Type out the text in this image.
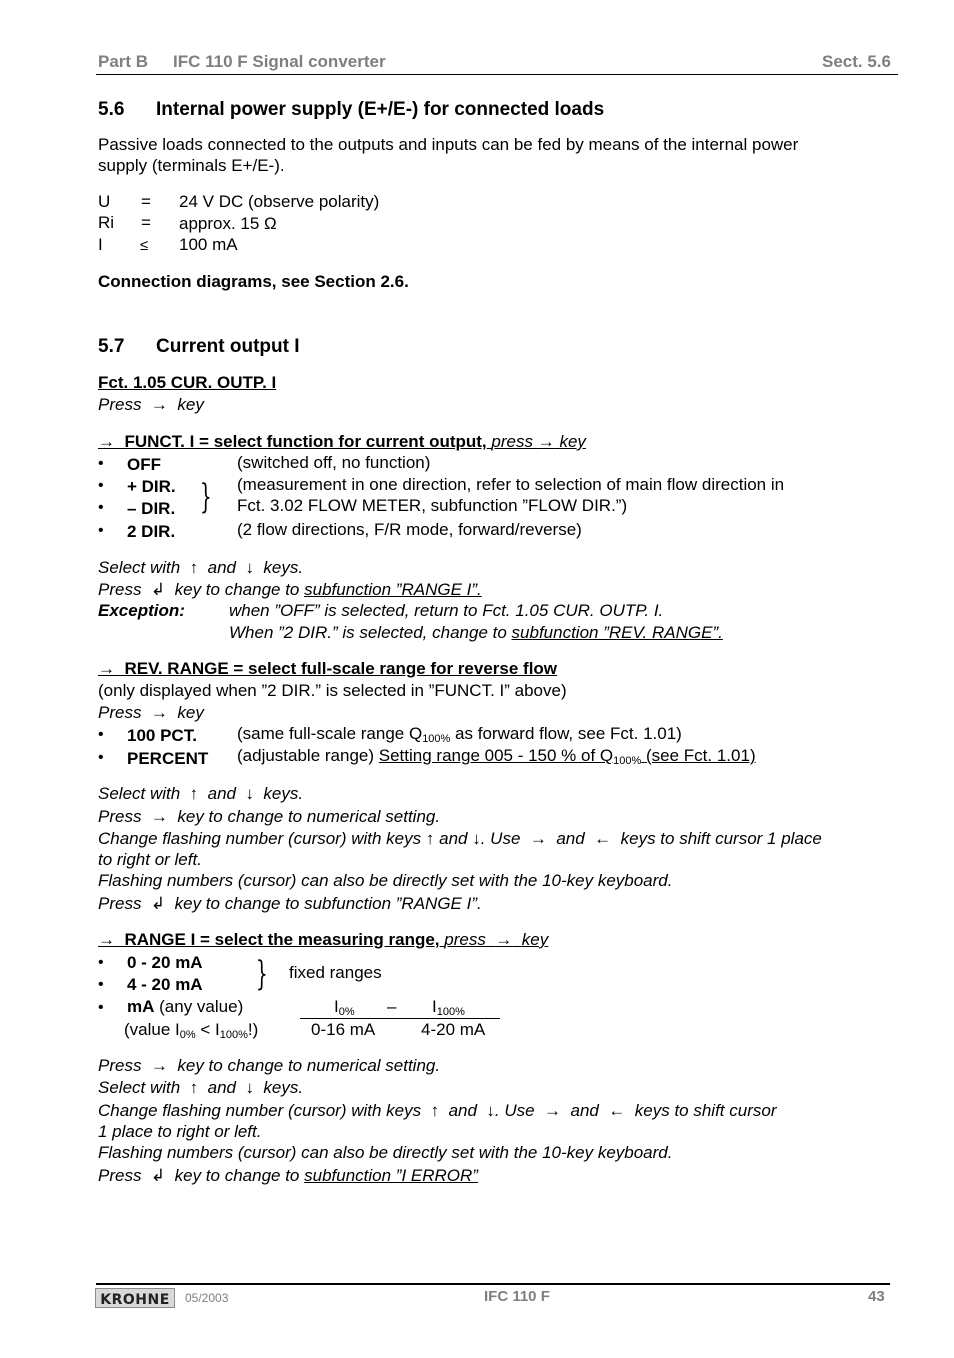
Part B IFC 110 F Signal converter	Sect. 5.6
5.6 Internal power supply (E+/E-) for connected loads
Passive loads connected to the outputs and inputs can be fed by means of the internal power
supply (terminals E+/E-).
U = 24 V DC (observe polarity)
Ri = approx. 15 Ω
I ≤ 100 mA
Connection diagrams, see Section 2.6.
5.7 Current output I
Fct. 1.05 CUR. OUTP. I
Press → key
→ FUNCT. I = select function for current output, press → key
• OFF	(switched off, no function)
• + DIR.	(measurement in one direction, refer to selection of main flow direction in
• – DIR.	Fct. 3.02 FLOW METER, subfunction ”FLOW DIR.”)
}
• 2 DIR.	(2 flow directions, F/R mode, forward/reverse)
Select with ↑ and ↓ keys.
Press ↲ key to change to subfunction ”RANGE I”.
Exception:	when ”OFF” is selected, return to Fct. 1.05 CUR. OUTP. I.
When ”2 DIR.” is selected, change to subfunction ”REV. RANGE”.
→ REV. RANGE = select full-scale range for reverse flow
(only displayed when ”2 DIR.” is selected in ”FUNCT. I” above)
Press → key
• 100 PCT. (same full-scale range $Q_{100\%}$ as forward flow, see Fct. 1.01)
• PERCENT (adjustable range) Setting range 005 - 150 % of $Q_{100\%}$ (see Fct. 1.01)
Select with ↑ and ↓ keys.
Press → key to change to numerical setting.
Change flashing number (cursor) with keys ↑ and ↓. Use → and ← keys to shift cursor 1 place
to right or left.
Flashing numbers (cursor) can also be directly set with the 10-key keyboard.
Press ↲ key to change to subfunction ”RANGE I”.
→ RANGE I = select the measuring range, press → key
• 0 - 20 mA
• 4 - 20 mA } fixed ranges
• mA (any value)
(value $I_{0\%} < I_{100\%}$!)
$I_{0\%} - I_{100\%}$
0-16 mA	4-20 mA
Press → key to change to numerical setting.
Select with ↑ and ↓ keys.
Change flashing number (cursor) with keys ↑ and ↓. Use → and ← keys to shift cursor
1 place to right or left.
Flashing numbers (cursor) can also be directly set with the 10-key keyboard.
Press ↲ key to change to subfunction ”I ERROR”
KROHNE	05/2003	IFC 110 F	43
